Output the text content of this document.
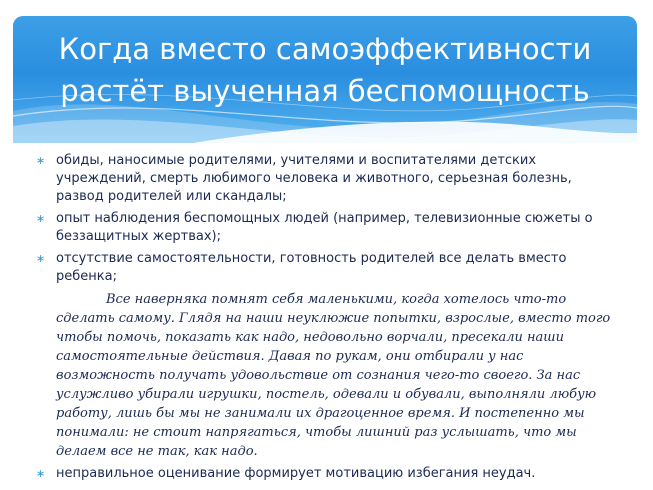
Когда вместо самоэффективности
растёт выученная беспомощность
∗ обиды, наносимые родителями, учителями и воспитателями детских учреждений, смерть любимого человека и животного, серьезная болезнь, развод родителей или скандалы;
∗ опыт наблюдения беспомощных людей (например, телевизионные сюжеты о беззащитных жертвах);
∗ отсутствие самостоятельности, готовность родителей все делать вместо ребенка;

Все наверняка помнят себя маленькими, когда хотелось что-то сделать самому. Глядя на наши неуклюжие попытки, взрослые, вместо того чтобы помочь, показать как надо, недовольно ворчали, пресекали наши самостоятельные действия. Давая по рукам, они отбирали у нас возможность получать удовольствие от сознания чего-то своего. За нас услужливо убирали игрушки, постель, одевали и обували, выполняли любую работу, лишь бы мы не занимали их драгоценное время. И постепенно мы понимали: не стоит напрягаться, чтобы лишний раз услышать, что мы делаем все не так, как надо.

∗ неправильное оценивание формирует мотивацию избегания неудач.
